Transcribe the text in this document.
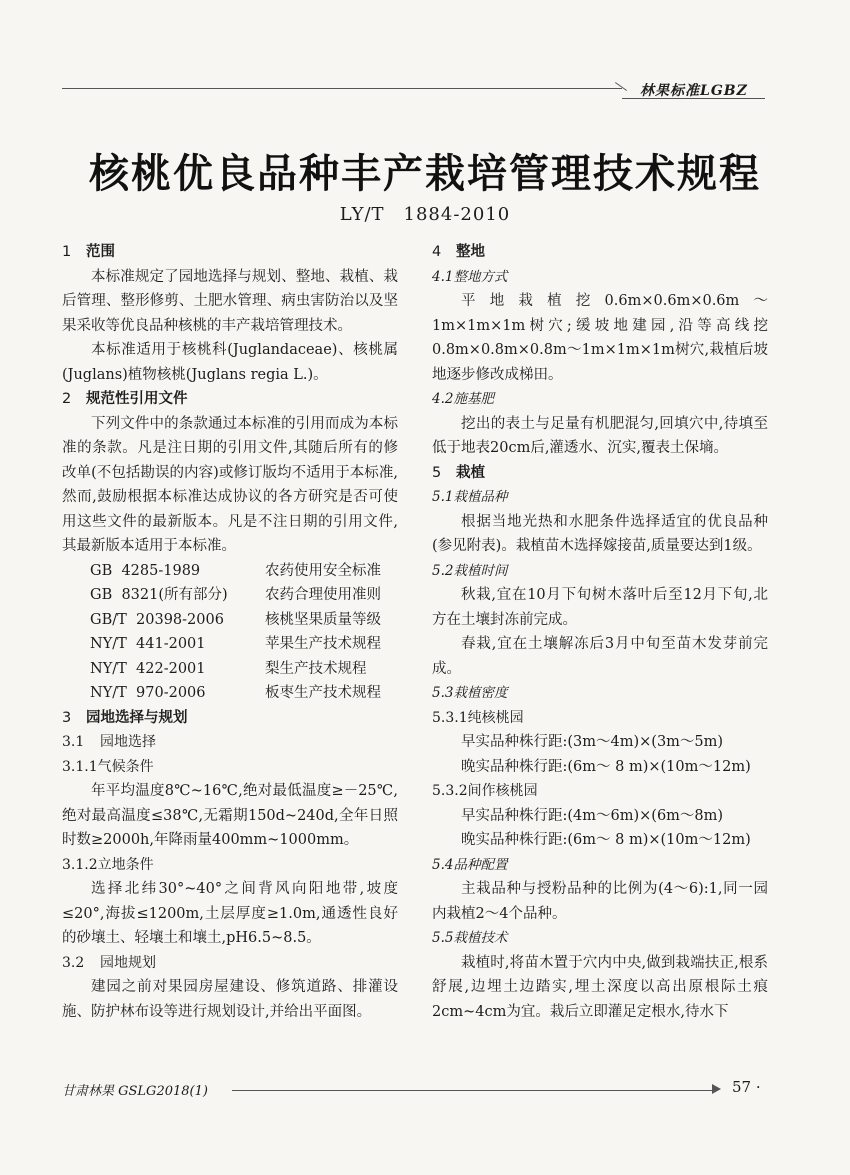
林果标准LGBZ
核桃优良品种丰产栽培管理技术规程
LY/T　1884-2010

1 范围

本标准规定了园地选择与规划、整地、栽植、栽后管理、整形修剪、土肥水管理、病虫害防治以及坚果采收等优良品种核桃的丰产栽培管理技术。

本标准适用于核桃科(Juglandaceae)、核桃属(Juglans)植物核桃(Juglans regia L.)。

2 规范性引用文件

下列文件中的条款通过本标准的引用而成为本标准的条款。凡是注日期的引用文件,其随后所有的修改单(不包括勘误的内容)或修订版均不适用于本标准,然而,鼓励根据本标准达成协议的各方研究是否可使用这些文件的最新版本。凡是不注日期的引用文件,其最新版本适用于本标准。

GB  4285-1989	农药使用安全标准
GB  8321(所有部分)	农药合理使用准则
GB/T  20398-2006	核桃坚果质量等级
NY/T  441-2001	苹果生产技术规程
NY/T  422-2001	梨生产技术规程
NY/T  970-2006	板枣生产技术规程

3 园地选择与规划

3.1 园地选择

3.1.1气候条件

年平均温度8℃~16℃,绝对最低温度≥－25℃,绝对最高温度≤38℃,无霜期150d~240d,全年日照时数≥2000h,年降雨量400mm~1000mm。

3.1.2立地条件

选择北纬30°~40°之间背风向阳地带,坡度≤20°,海拔≤1200m,土层厚度≥1.0m,通透性良好的砂壤土、轻壤土和壤土,pH6.5~8.5。

3.2 园地规划

建园之前对果园房屋建设、修筑道路、排灌设施、防护林布设等进行规划设计,并给出平面图。

4 整地

4.1整地方式

平地栽植挖0.6m×0.6m×0.6m～1m×1m×1m树穴;缓坡地建园,沿等高线挖0.8m×0.8m×0.8m～1m×1m×1m树穴,栽植后坡地逐步修改成梯田。

4.2施基肥

挖出的表土与足量有机肥混匀,回填穴中,待填至低于地表20cm后,灌透水、沉实,覆表土保墒。

5 栽植

5.1栽植品种

根据当地光热和水肥条件选择适宜的优良品种(参见附表)。栽植苗木选择嫁接苗,质量要达到1级。

5.2栽植时间

秋栽,宜在10月下旬树木落叶后至12月下旬,北方在土壤封冻前完成。

春栽,宜在土壤解冻后3月中旬至苗木发芽前完成。

5.3栽植密度

5.3.1纯核桃园

早实品种株行距:(3m～4m)×(3m～5m)

晚实品种株行距:(6m～ 8 m)×(10m～12m)

5.3.2间作核桃园

早实品种株行距:(4m～6m)×(6m～8m)

晚实品种株行距:(6m～ 8 m)×(10m～12m)

5.4品种配置

主栽品种与授粉品种的比例为(4～6):1,同一园内栽植2～4个品种。

5.5栽植技术

栽植时,将苗木置于穴内中央,做到栽端扶正,根系舒展,边埋土边踏实,埋土深度以高出原根际土痕2cm~4cm为宜。栽后立即灌足定根水,待水下

甘肃林果 GSLG2018(1)	57 ·
